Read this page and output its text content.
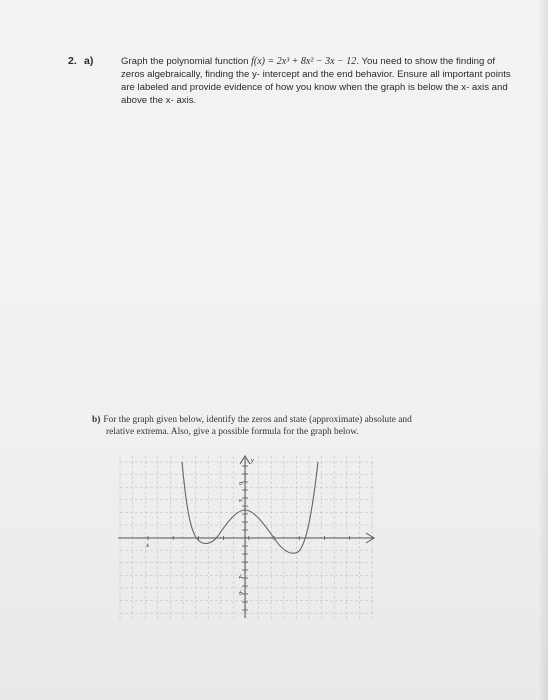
2. a)	Graph the polynomial function f(x) = 2x³ + 8x² − 3x − 12. You need to show the finding of zeros algebraically, finding the y- intercept and the end behavior. Ensure all important points are labeled and provide evidence of how you know when the graph is below the x- axis and above the x- axis.
b) For the graph given below, identify the zeros and state (approximate) absolute and
relative extrema. Also, give a possible formula for the graph below.
y
4
6
4
-4
-6
